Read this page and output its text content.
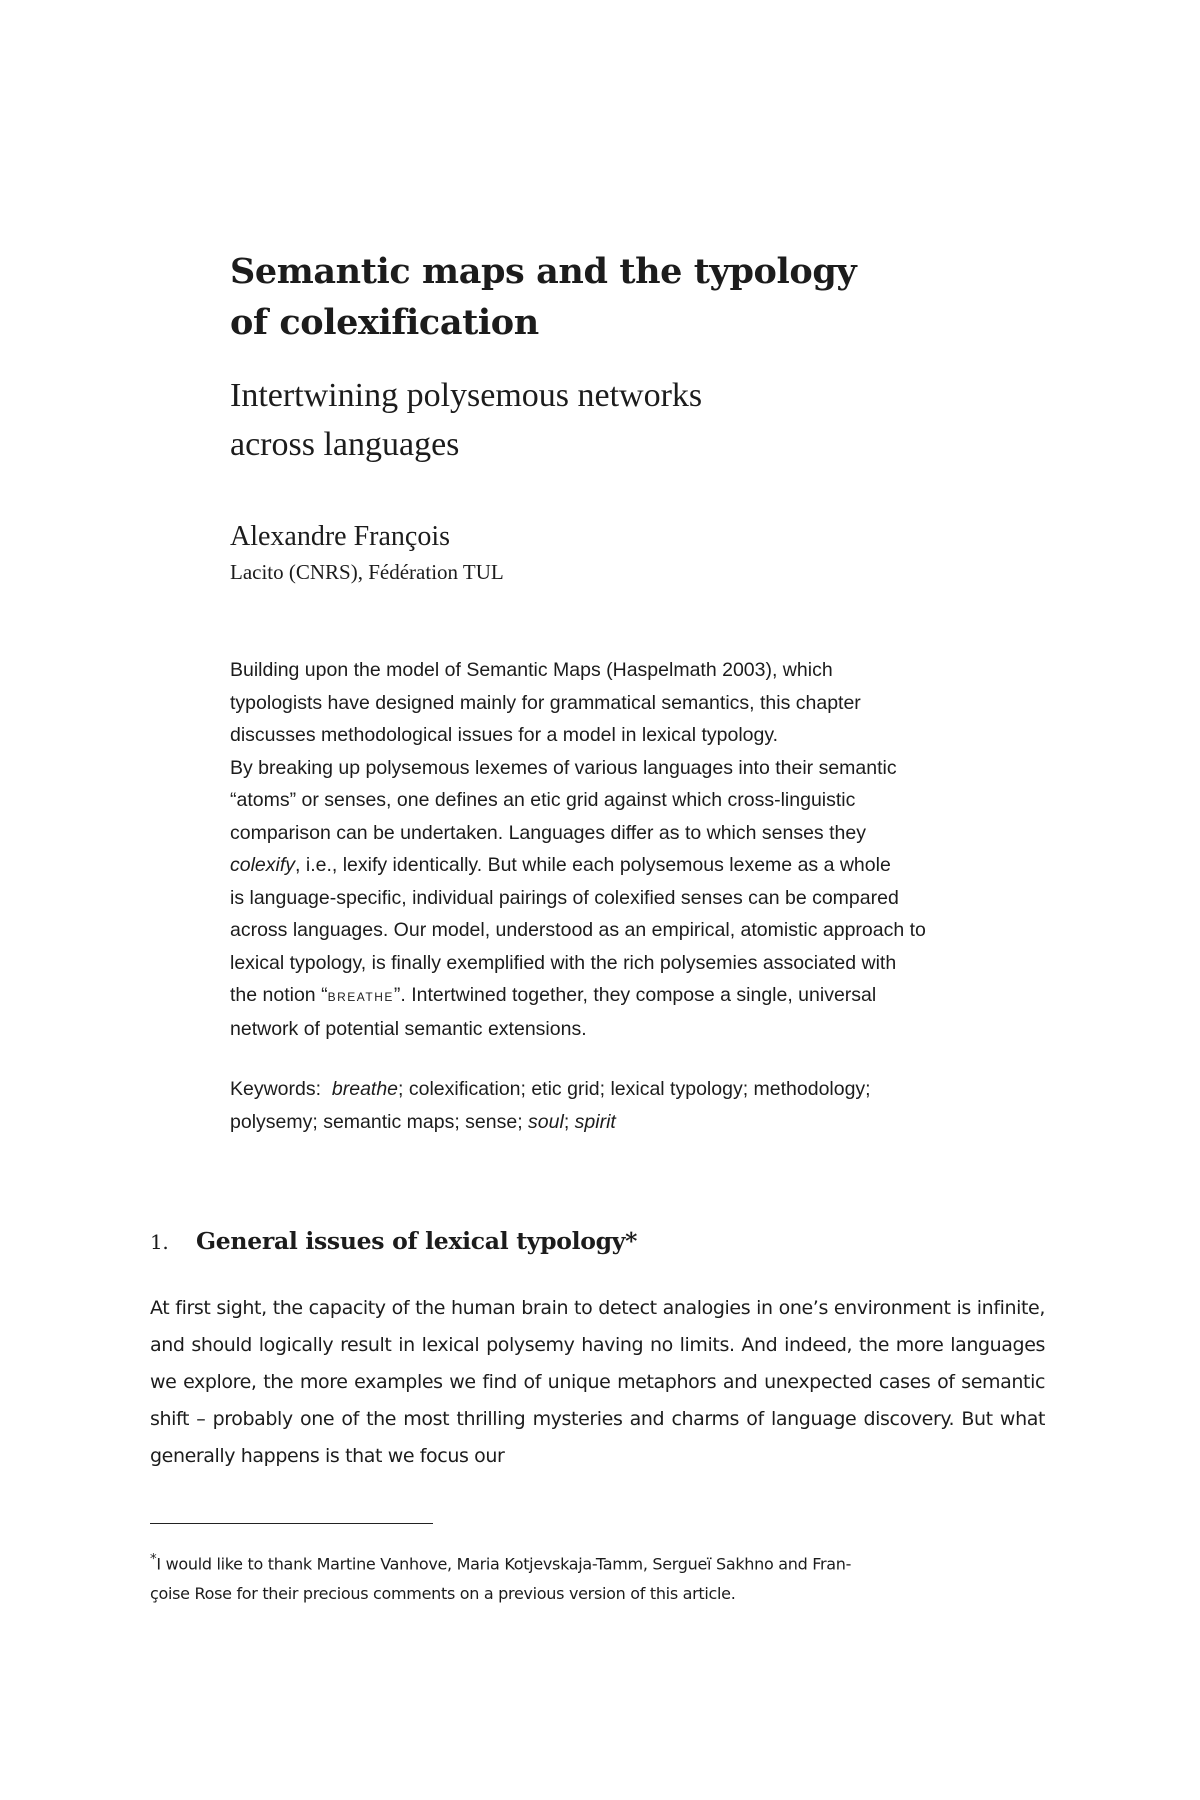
Semantic maps and the typology
of colexification
Intertwining polysemous networks
across languages

Alexandre François

Lacito (CNRS), Fédération TUL

Building upon the model of Semantic Maps (Haspelmath 2003), which
typologists have designed mainly for grammatical semantics, this chapter
discusses methodological issues for a model in lexical typology.
By breaking up polysemous lexemes of various languages into their semantic
“atoms” or senses, one defines an etic grid against which cross-linguistic
comparison can be undertaken. Languages differ as to which senses they
colexify, i.e., lexify identically. But while each polysemous lexeme as a whole
is language-specific, individual pairings of colexified senses can be compared
across languages. Our model, understood as an empirical, atomistic approach to
lexical typology, is finally exemplified with the rich polysemies associated with
the notion “breathe”. Intertwined together, they compose a single, universal
network of potential semantic extensions.
Keywords: breathe; colexification; etic grid; lexical typology; methodology;
polysemy; semantic maps; sense; soul; spirit
1. General issues of lexical typology*

At first sight, the capacity of the human brain to detect analogies in one’s environment is infinite, and should logically result in lexical polysemy having no limits. And indeed, the more languages we explore, the more examples we find of unique metaphors and unexpected cases of semantic shift – probably one of the most thrilling mysteries and charms of language discovery. But what generally happens is that we focus our

*I would like to thank Martine Vanhove, Maria Kotjevskaja-Tamm, Sergueï Sakhno and Fran-
çoise Rose for their precious comments on a previous version of this article.
